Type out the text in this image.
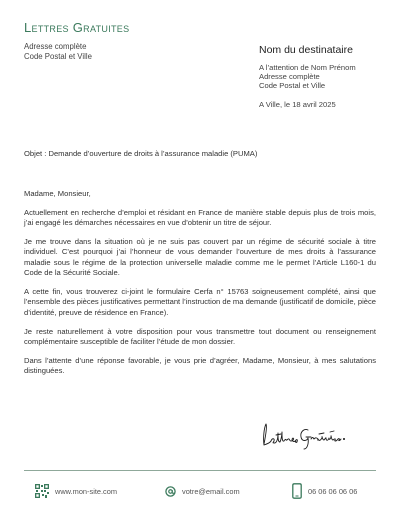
Lettres Gratuites
Adresse complète
Code Postal et Ville
Nom du destinataire
A l’attention de Nom Prénom
Adresse complète
Code Postal et Ville
A Ville, le 18 avril 2025
Objet : Demande d’ouverture de droits à l’assurance maladie (PUMA)

Madame, Monsieur,

Actuellement en recherche d’emploi et résidant en France de manière stable depuis plus de trois mois, j’ai engagé les démarches nécessaires en vue d’obtenir un titre de séjour.

Je me trouve dans la situation où je ne suis pas couvert par un régime de sécurité sociale à titre individuel. C’est pourquoi j’ai l’honneur de vous demander l’ouverture de mes droits à l’assurance maladie sous le régime de la protection universelle maladie comme me le permet l’Article L160-1 du Code de la Sécurité Sociale.

A cette fin, vous trouverez ci-joint le formulaire Cerfa n° 15763 soigneusement complété, ainsi que l’ensemble des pièces justificatives permettant l’instruction de ma demande (justificatif de domicile, pièce d’identité, preuve de résidence en France).

Je reste naturellement à votre disposition pour vous transmettre tout document ou renseignement complémentaire susceptible de faciliter l’étude de mon dossier.

Dans l’attente d’une réponse favorable, je vous prie d’agréer, Madame, Monsieur, à mes salutations distinguées.

www.mon-site.com	votre@email.com	06 06 06 06 06
